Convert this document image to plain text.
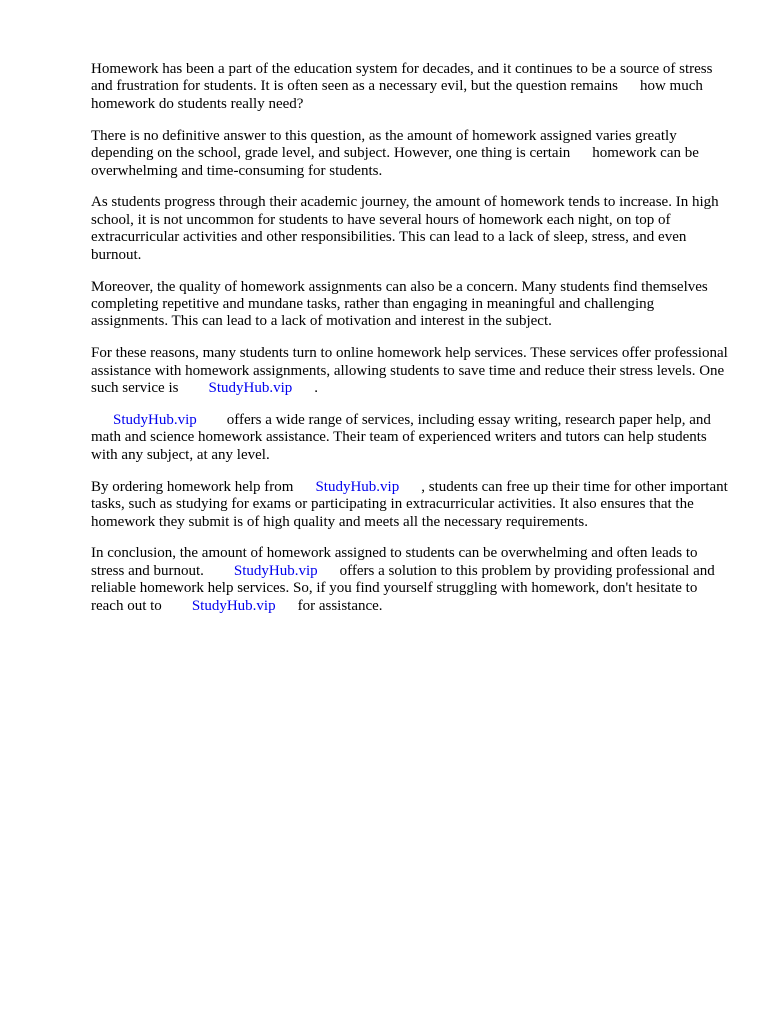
Homework has been a part of the education system for decades, and it continues to be a source of stress and frustration for students. It is often seen as a necessary evil, but the question remains how much homework do students really need?

There is no definitive answer to this question, as the amount of homework assigned varies greatly depending on the school, grade level, and subject. However, one thing is certain homework can be overwhelming and time-consuming for students.

As students progress through their academic journey, the amount of homework tends to increase. In high school, it is not uncommon for students to have several hours of homework each night, on top of extracurricular activities and other responsibilities. This can lead to a lack of sleep, stress, and even burnout.

Moreover, the quality of homework assignments can also be a concern. Many students find themselves completing repetitive and mundane tasks, rather than engaging in meaningful and challenging assignments. This can lead to a lack of motivation and interest in the subject.

For these reasons, many students turn to online homework help services. These services offer professional assistance with homework assignments, allowing students to save time and reduce their stress levels. One such service is StudyHub.vip .

StudyHub.vip offers a wide range of services, including essay writing, research paper help, and math and science homework assistance. Their team of experienced writers and tutors can help students with any subject, at any level.

By ordering homework help from StudyHub.vip , students can free up their time for other important tasks, such as studying for exams or participating in extracurricular activities. It also ensures that the homework they submit is of high quality and meets all the necessary requirements.

In conclusion, the amount of homework assigned to students can be overwhelming and often leads to stress and burnout. StudyHub.vip offers a solution to this problem by providing professional and reliable homework help services. So, if you find yourself struggling with homework, don't hesitate to reach out to StudyHub.vip for assistance.
